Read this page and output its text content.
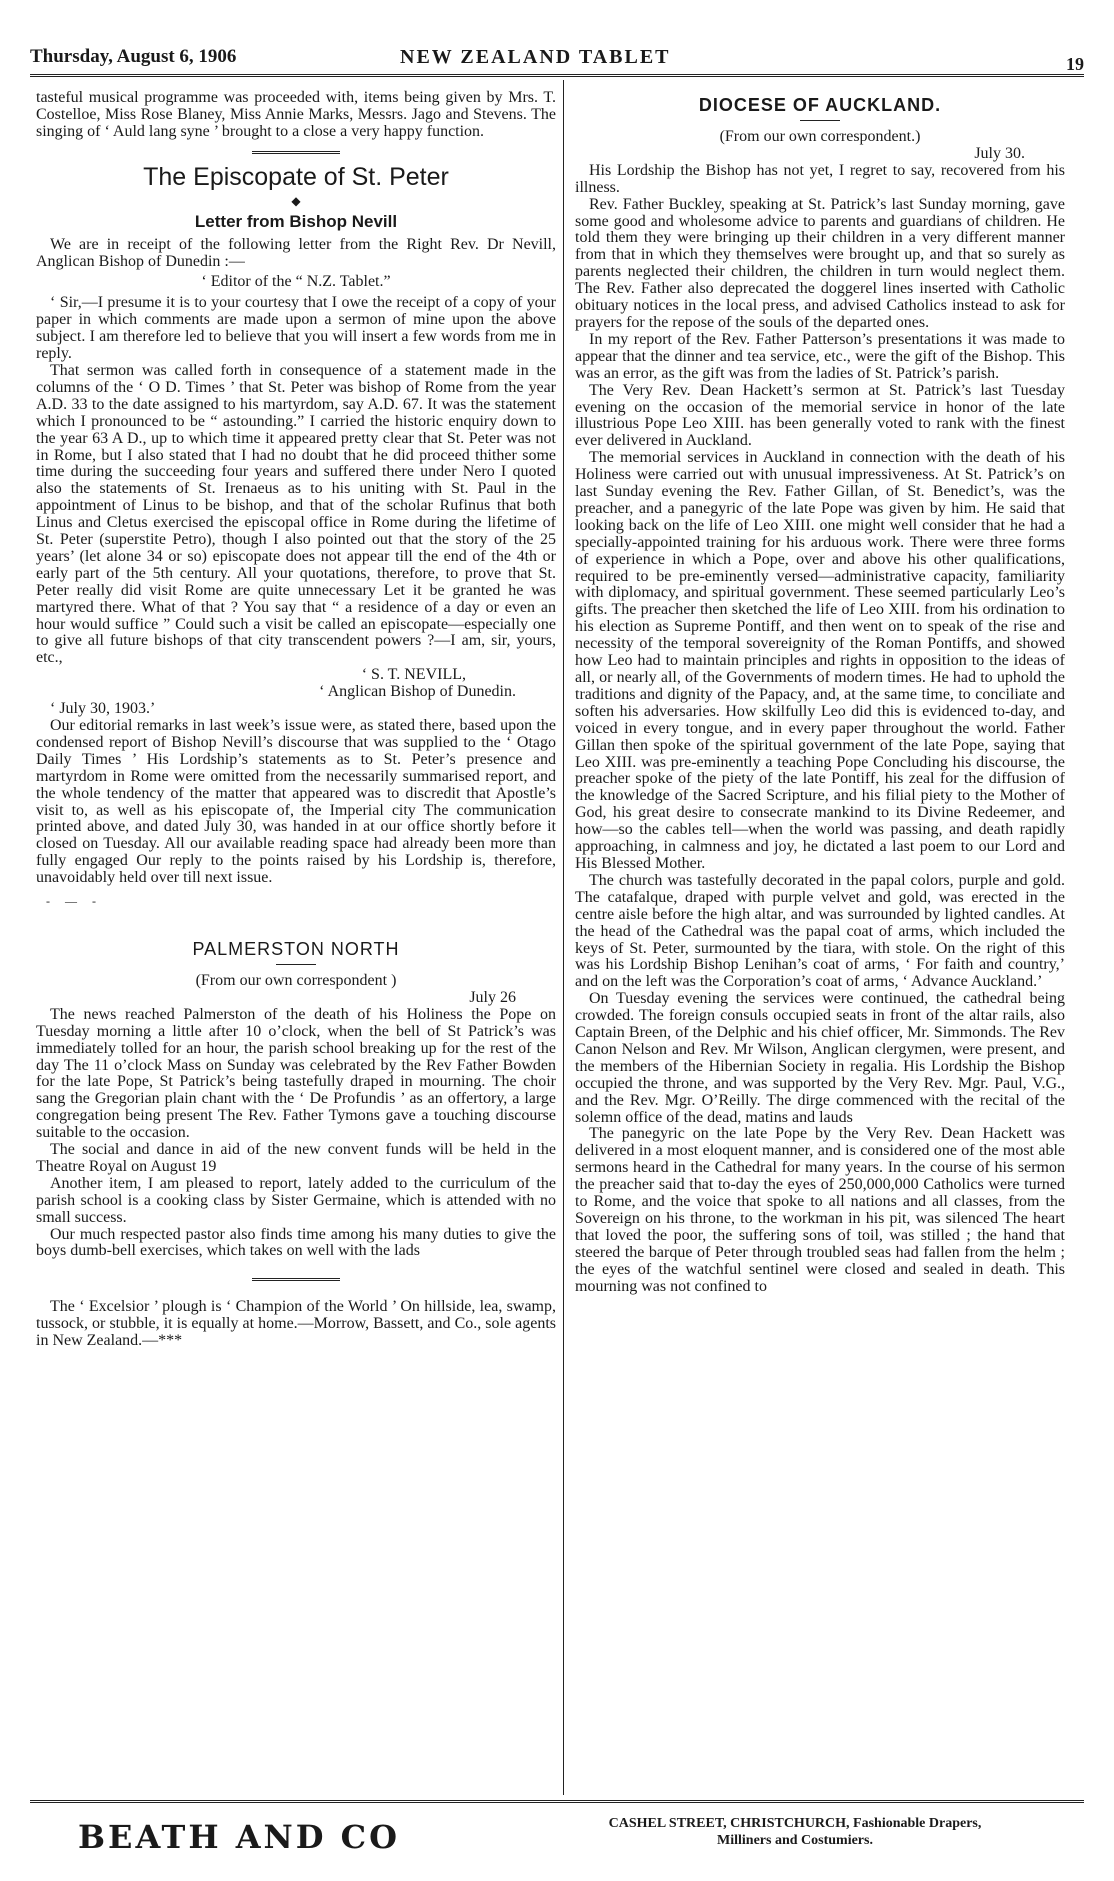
Thursday, August 6, 1906	NEW ZEALAND TABLET	19

tasteful musical programme was proceeded with, items being given by Mrs. T. Costelloe, Miss Rose Blaney, Miss Annie Marks, Messrs. Jago and Stevens. The singing of ‘ Auld lang syne ’ brought to a close a very happy function.

The Episcopate of St. Peter
◆
Letter from Bishop Nevill

We are in receipt of the following letter from the Right Rev. Dr Nevill, Anglican Bishop of Dunedin :—

‘ Editor of the “ N.Z. Tablet.”

‘ Sir,—I presume it is to your courtesy that I owe the receipt of a copy of your paper in which comments are made upon a sermon of mine upon the above subject. I am therefore led to believe that you will insert a few words from me in reply.

That sermon was called forth in consequence of a statement made in the columns of the ‘ O D. Times ’ that St. Peter was bishop of Rome from the year A.D. 33 to the date assigned to his martyrdom, say A.D. 67. It was the statement which I pronounced to be “ astounding.” I carried the historic enquiry down to the year 63 A D., up to which time it appeared pretty clear that St. Peter was not in Rome, but I also stated that I had no doubt that he did proceed thither some time during the succeeding four years and suffered there under Nero I quoted also the statements of St. Irenaeus as to his uniting with St. Paul in the appointment of Linus to be bishop, and that of the scholar Rufinus that both Linus and Cletus exercised the episcopal office in Rome during the lifetime of St. Peter (superstite Petro), though I also pointed out that the story of the 25 years’ (let alone 34 or so) episcopate does not appear till the end of the 4th or early part of the 5th century. All your quotations, therefore, to prove that St. Peter really did visit Rome are quite unnecessary Let it be granted he was martyred there. What of that ? You say that “ a residence of a day or even an hour would suffice ” Could such a visit be called an episcopate—especially one to give all future bishops of that city transcendent powers ?—I am, sir, yours, etc.,

‘ S. T. NEVILL,

‘ Anglican Bishop of Dunedin.

‘ July 30, 1903.’

Our editorial remarks in last week’s issue were, as stated there, based upon the condensed report of Bishop Nevill’s discourse that was supplied to the ‘ Otago Daily Times ’ His Lordship’s statements as to St. Peter’s presence and martyrdom in Rome were omitted from the necessarily summarised report, and the whole tendency of the matter that appeared was to discredit that Apostle’s visit to, as well as his episcopate of, the Imperial city The communication printed above, and dated July 30, was handed in at our office shortly before it closed on Tuesday. All our available reading space had already been more than fully engaged Our reply to the points raised by his Lordship is, therefore, unavoidably held over till next issue.

- — -
PALMERSTON NORTH

(From our own correspondent )

July 26

The news reached Palmerston of the death of his Holiness the Pope on Tuesday morning a little after 10 o’clock, when the bell of St Patrick’s was immediately tolled for an hour, the parish school breaking up for the rest of the day The 11 o’clock Mass on Sunday was celebrated by the Rev Father Bowden for the late Pope, St Patrick’s being tastefully draped in mourning. The choir sang the Gregorian plain chant with the ‘ De Profundis ’ as an offertory, a large congregation being present The Rev. Father Tymons gave a touching discourse suitable to the occasion.

The social and dance in aid of the new convent funds will be held in the Theatre Royal on August 19

Another item, I am pleased to report, lately added to the curriculum of the parish school is a cooking class by Sister Germaine, which is attended with no small success.

Our much respected pastor also finds time among his many duties to give the boys dumb-bell exercises, which takes on well with the lads

The ‘ Excelsior ’ plough is ‘ Champion of the World ’ On hillside, lea, swamp, tussock, or stubble, it is equally at home.—Morrow, Bassett, and Co., sole agents in New Zealand.—***

DIOCESE OF AUCKLAND.

(From our own correspondent.)

July 30.

His Lordship the Bishop has not yet, I regret to say, recovered from his illness.

Rev. Father Buckley, speaking at St. Patrick’s last Sunday morning, gave some good and wholesome advice to parents and guardians of children. He told them they were bringing up their children in a very different manner from that in which they themselves were brought up, and that so surely as parents neglected their children, the children in turn would neglect them. The Rev. Father also deprecated the doggerel lines inserted with Catholic obituary notices in the local press, and advised Catholics instead to ask for prayers for the repose of the souls of the departed ones.

In my report of the Rev. Father Patterson’s presentations it was made to appear that the dinner and tea service, etc., were the gift of the Bishop. This was an error, as the gift was from the ladies of St. Patrick’s parish.

The Very Rev. Dean Hackett’s sermon at St. Patrick’s last Tuesday evening on the occasion of the memorial service in honor of the late illustrious Pope Leo XIII. has been generally voted to rank with the finest ever delivered in Auckland.

The memorial services in Auckland in connection with the death of his Holiness were carried out with unusual impressiveness. At St. Patrick’s on last Sunday evening the Rev. Father Gillan, of St. Benedict’s, was the preacher, and a panegyric of the late Pope was given by him. He said that looking back on the life of Leo XIII. one might well consider that he had a specially-appointed training for his arduous work. There were three forms of experience in which a Pope, over and above his other qualifications, required to be pre-eminently versed—administrative capacity, familiarity with diplomacy, and spiritual government. These seemed particularly Leo’s gifts. The preacher then sketched the life of Leo XIII. from his ordination to his election as Supreme Pontiff, and then went on to speak of the rise and necessity of the temporal sovereignity of the Roman Pontiffs, and showed how Leo had to maintain principles and rights in opposition to the ideas of all, or nearly all, of the Governments of modern times. He had to uphold the traditions and dignity of the Papacy, and, at the same time, to conciliate and soften his adversaries. How skilfully Leo did this is evidenced to-day, and voiced in every tongue, and in every paper throughout the world. Father Gillan then spoke of the spiritual government of the late Pope, saying that Leo XIII. was pre-eminently a teaching Pope Concluding his discourse, the preacher spoke of the piety of the late Pontiff, his zeal for the diffusion of the knowledge of the Sacred Scripture, and his filial piety to the Mother of God, his great desire to consecrate mankind to its Divine Redeemer, and how—so the cables tell—when the world was passing, and death rapidly approaching, in calmness and joy, he dictated a last poem to our Lord and His Blessed Mother.

The church was tastefully decorated in the papal colors, purple and gold. The catafalque, draped with purple velvet and gold, was erected in the centre aisle before the high altar, and was surrounded by lighted candles. At the head of the Cathedral was the papal coat of arms, which included the keys of St. Peter, surmounted by the tiara, with stole. On the right of this was his Lordship Bishop Lenihan’s coat of arms, ‘ For faith and country,’ and on the left was the Corporation’s coat of arms, ‘ Advance Auckland.’

On Tuesday evening the services were continued, the cathedral being crowded. The foreign consuls occupied seats in front of the altar rails, also Captain Breen, of the Delphic and his chief officer, Mr. Simmonds. The Rev Canon Nelson and Rev. Mr Wilson, Anglican clergymen, were present, and the members of the Hibernian Society in regalia. His Lordship the Bishop occupied the throne, and was supported by the Very Rev. Mgr. Paul, V.G., and the Rev. Mgr. O’Reilly. The dirge commenced with the recital of the solemn office of the dead, matins and lauds

The panegyric on the late Pope by the Very Rev. Dean Hackett was delivered in a most eloquent manner, and is considered one of the most able sermons heard in the Cathedral for many years. In the course of his sermon the preacher said that to-day the eyes of 250,000,000 Catholics were turned to Rome, and the voice that spoke to all nations and all classes, from the Sovereign on his throne, to the workman in his pit, was silenced The heart that loved the poor, the suffering sons of toil, was stilled ; the hand that steered the barque of Peter through troubled seas had fallen from the helm ; the eyes of the watchful sentinel were closed and sealed in death. This mourning was not confined to

BEATH AND CO	CASHEL STREET, CHRISTCHURCH, Fashionable Drapers,
Milliners and Costumiers.
